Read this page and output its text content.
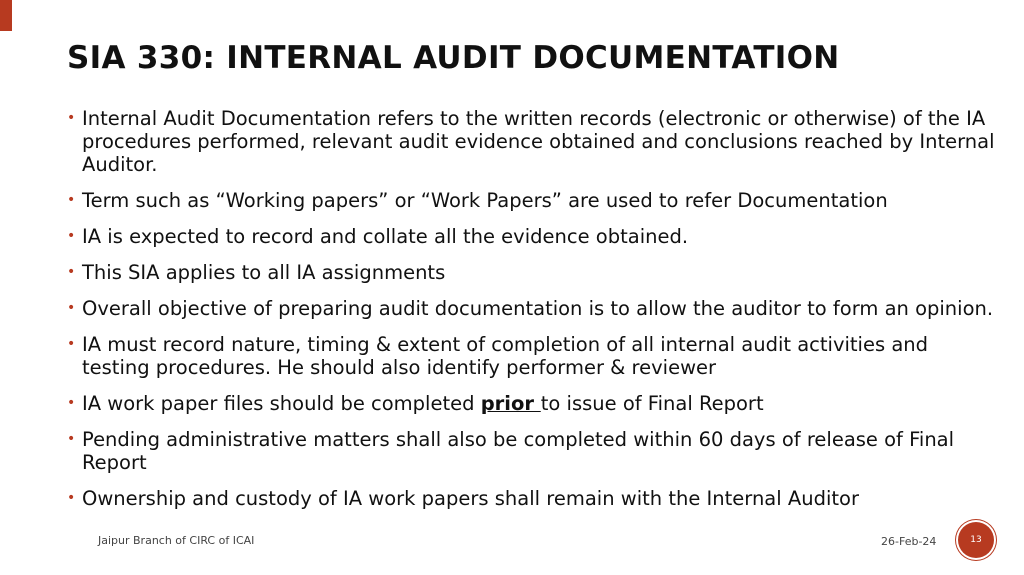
SIA 330: INTERNAL AUDIT DOCUMENTATION
• Internal Audit Documentation refers to the written records (electronic or otherwise) of the IA procedures performed, relevant audit evidence obtained and conclusions reached by Internal Auditor.
• Term such as “Working papers” or “Work Papers” are used to refer Documentation
• IA is expected to record and collate all the evidence obtained.
• This SIA applies to all IA assignments
• Overall objective of preparing audit documentation is to allow the auditor to form an opinion.
• IA must record nature, timing & extent of completion of all internal audit activities and testing procedures. He should also identify performer & reviewer
• IA work paper files should be completed prior to issue of Final Report
• Pending administrative matters shall also be completed within 60 days of release of Final Report
• Ownership and custody of IA work papers shall remain with the Internal Auditor
Jaipur Branch of CIRC of ICAI	26-Feb-24	13
